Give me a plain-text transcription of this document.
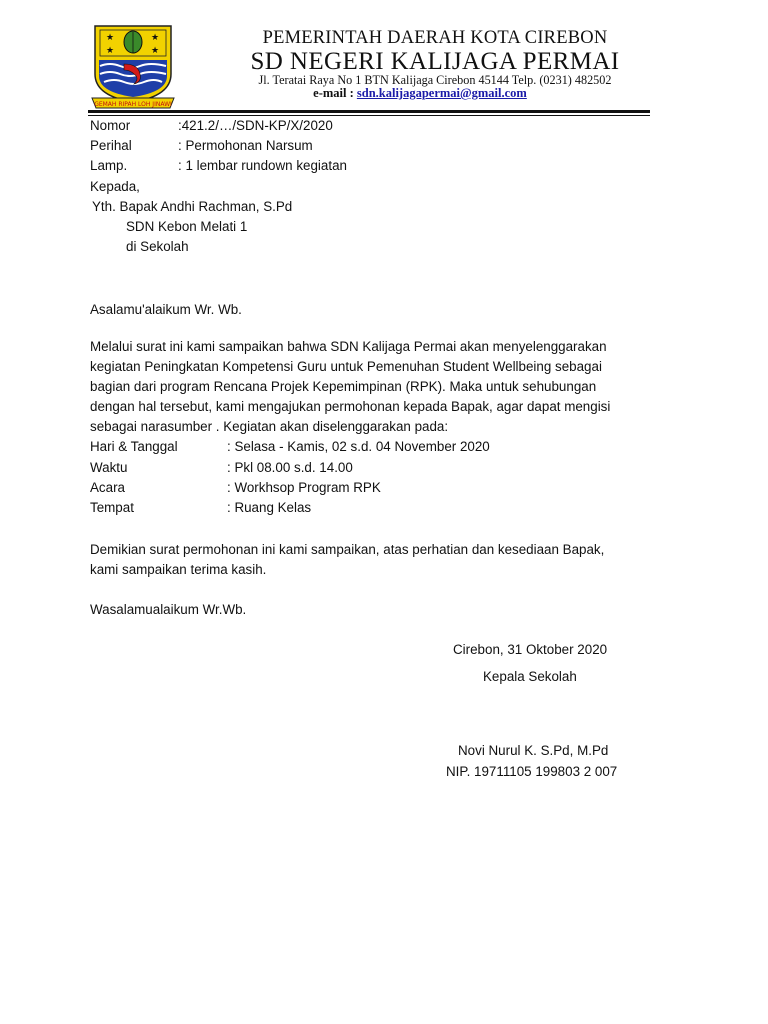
★	★
★	★
GEMAH RIPAH LOH JINAWI
PEMERINTAH DAERAH KOTA CIREBON
SD NEGERI KALIJAGA PERMAI
Jl. Teratai Raya No 1 BTN Kalijaga Cirebon 45144 Telp. (0231) 482502
e-mail : sdn.kalijagapermai@gmail.com
Nomor	:421.2/…/SDN-KP/X/2020
Perihal	: Permohonan Narsum
Lamp.	: 1 lembar rundown kegiatan
Kepada,
Yth. Bapak Andhi Rachman, S.Pd
SDN Kebon Melati 1
di Sekolah
Asalamu'alaikum Wr. Wb.
Melalui surat ini kami sampaikan bahwa SDN Kalijaga Permai akan menyelenggarakan
kegiatan Peningkatan Kompetensi Guru untuk Pemenuhan Student Wellbeing sebagai
bagian dari program Rencana Projek Kepemimpinan (RPK). Maka untuk sehubungan
dengan hal tersebut, kami mengajukan permohonan kepada Bapak, agar dapat mengisi
sebagai narasumber . Kegiatan akan diselenggarakan pada:
Hari & Tanggal	: Selasa - Kamis, 02 s.d. 04 November 2020
Waktu	: Pkl 08.00 s.d. 14.00
Acara	: Workhsop Program RPK
Tempat	: Ruang Kelas
Demikian surat permohonan ini kami sampaikan, atas perhatian dan kesediaan Bapak,
kami sampaikan terima kasih.
Wasalamualaikum Wr.Wb.
Cirebon, 31 Oktober 2020
Kepala Sekolah
Novi Nurul K. S.Pd, M.Pd
NIP. 19711105 199803 2 007
